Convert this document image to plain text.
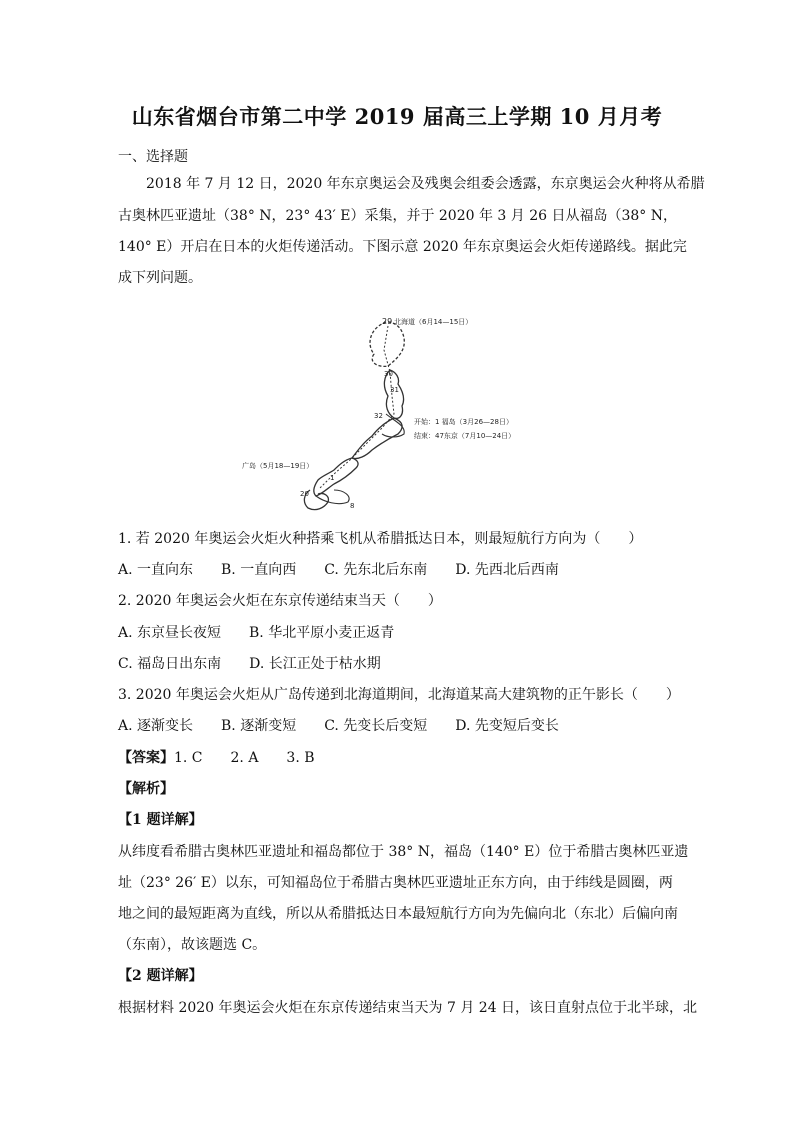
山东省烟台市第二中学 2019 届高三上学期 10 月月考
一、选择题
2018 年 7 月 12 日，2020 年东京奥运会及残奥会组委会透露，东京奥运会火种将从希腊
古奥林匹亚遗址（38° N，23° 43′ E）采集，并于 2020 年 3 月 26 日从福岛（38° N，
140° E）开启在日本的火炬传递活动。下图示意 2020 年东京奥运会火炬传递路线。据此完
成下列问题。
29 北海道（6月14—15日）
30
31
32
开始：1 福岛（3月26—28日）
结束：47东京（7月10—24日）
广岛（5月18—19日）
1
20
8
1. 若 2020 年奥运会火炬火种搭乘飞机从希腊抵达日本，则最短航行方向为（　　）
A. 一直向东　　B. 一直向西　　C. 先东北后东南　　D. 先西北后西南
2. 2020 年奥运会火炬在东京传递结束当天（　　）
A. 东京昼长夜短　　B. 华北平原小麦正返青
C. 福岛日出东南　　D. 长江正处于枯水期
3. 2020 年奥运会火炬从广岛传递到北海道期间，北海道某高大建筑物的正午影长（　　）
A. 逐渐变长　　B. 逐渐变短　　C. 先变长后变短　　D. 先变短后变长
【答案】1. C　　2. A　　3. B
【解析】
【1 题详解】
从纬度看希腊古奥林匹亚遗址和福岛都位于 38° N，福岛（140° E）位于希腊古奥林匹亚遗
址（23° 26′ E）以东，可知福岛位于希腊古奥林匹亚遗址正东方向，由于纬线是圆圈，两
地之间的最短距离为直线，所以从希腊抵达日本最短航行方向为先偏向北（东北）后偏向南
（东南），故该题选 C。
【2 题详解】
根据材料 2020 年奥运会火炬在东京传递结束当天为 7 月 24 日，该日直射点位于北半球，北
